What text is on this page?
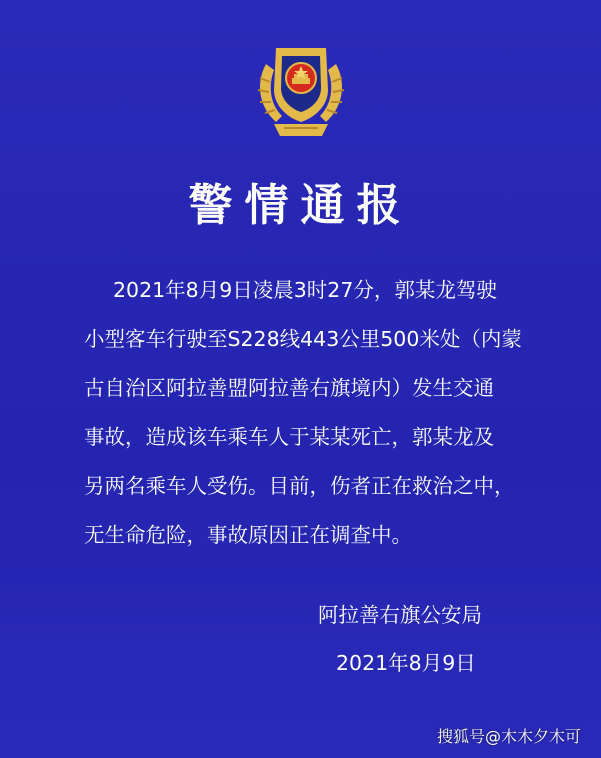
警情通报
2021年8月9日凌晨3时27分，郭某龙驾驶
小型客车行驶至S228线443公里500米处（内蒙
古自治区阿拉善盟阿拉善右旗境内）发生交通
事故，造成该车乘车人于某某死亡，郭某龙及
另两名乘车人受伤。目前，伤者正在救治之中，
无生命危险，事故原因正在调查中。
阿拉善右旗公安局
2021年8月9日
搜狐号@木木夕木可
